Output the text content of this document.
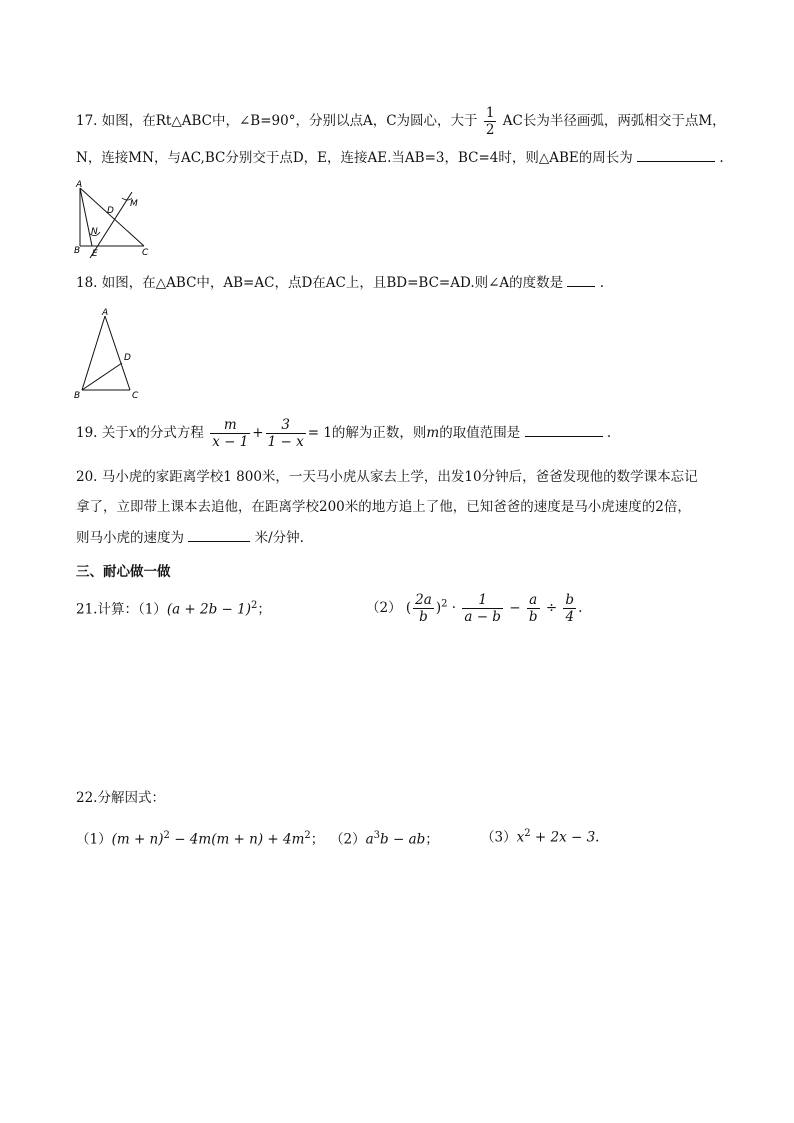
17. 如图，在Rt△ABC中，∠B=90°，分别以点A，C为圆心，大于 $\frac{1}{2}$ AC长为半径画弧，两弧相交于点M，
N，连接MN，与AC,BC分别交于点D，E，连接AE.当AB=3，BC=4时，则△ABE的周长为	.
A
B	C
D
E
M
N
18. 如图，在△ABC中，AB=AC，点D在AC上，且BD=BC=AD.则∠A的度数是	.
A
B	C
D
19. 关于x的分式方程 $\frac{m}{x - 1} + \frac{3}{1 - x} = 1$的解为正数，则m的取值范围是	.
20. 马小虎的家距离学校1 800米，一天马小虎从家去上学，出发10分钟后，爸爸发现他的数学课本忘记
拿了，立即带上课本去追他，在距离学校200米的地方追上了他，已知爸爸的速度是马小虎速度的2倍，
则马小虎的速度为	米/分钟.
三、耐心做一做
21.计算：$(1)(a + 2b - 1)^2$；	（2） ( $\frac{2a}{b} )^2 \cdot \frac{1}{a - b} - \frac{a}{b} \div \frac{b}{4}$ .
22.分解因式：
$(1)(m + n)^2 - 4m(m + n) + 4m^2$； $(2)a^3b$ − ab；	$(3)x^2 + 2x - 3$.
